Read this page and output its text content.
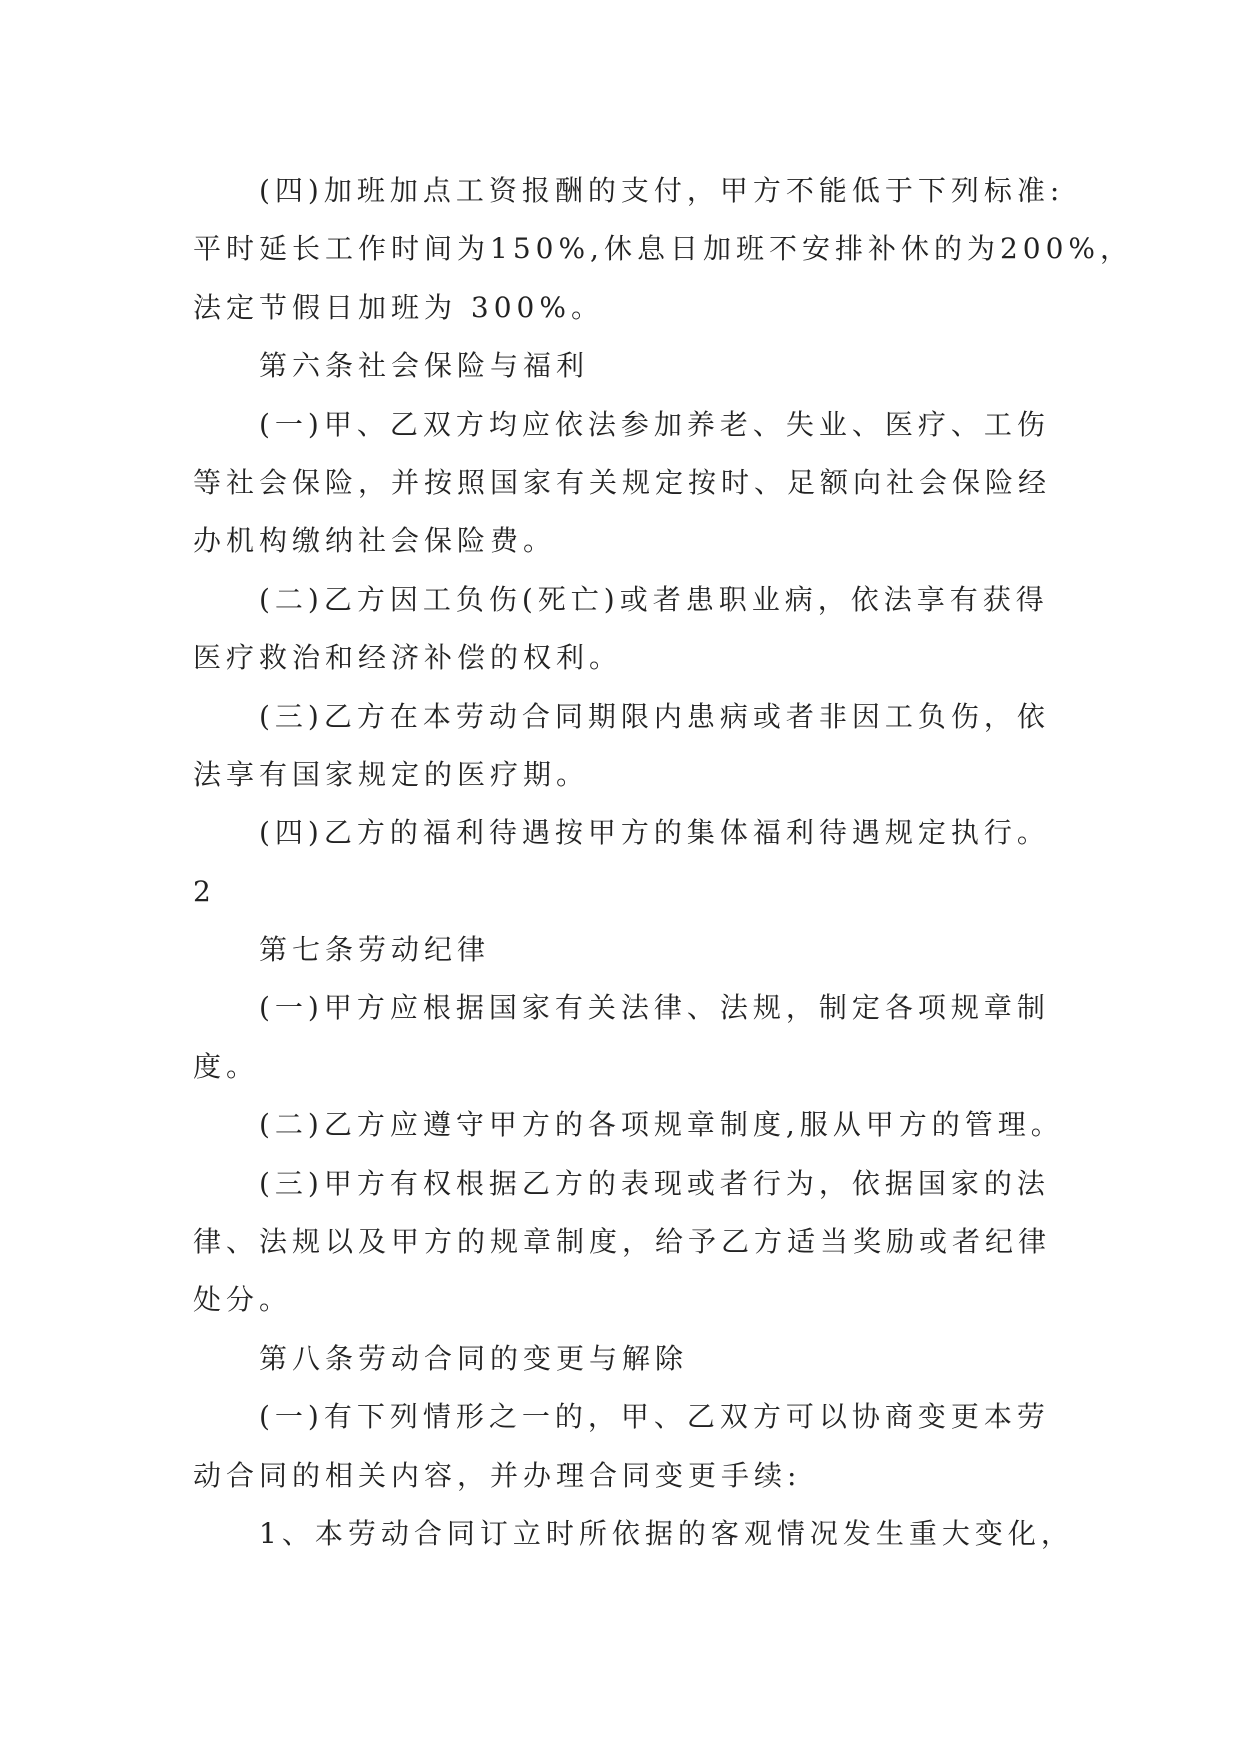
(四)加班加点工资报酬的支付，甲方不能低于下列标准:
平时延长工作时间为150%,休息日加班不安排补休的为200%，
法定节假日加班为 300%。
第六条社会保险与福利
(一)甲、乙双方均应依法参加养老、失业、医疗、工伤
等社会保险，并按照国家有关规定按时、足额向社会保险经
办机构缴纳社会保险费。
(二)乙方因工负伤(死亡)或者患职业病，依法享有获得
医疗救治和经济补偿的权利。
(三)乙方在本劳动合同期限内患病或者非因工负伤，依
法享有国家规定的医疗期。
(四)乙方的福利待遇按甲方的集体福利待遇规定执行。
2
第七条劳动纪律
(一)甲方应根据国家有关法律、法规，制定各项规章制
度。
(二)乙方应遵守甲方的各项规章制度,服从甲方的管理。
(三)甲方有权根据乙方的表现或者行为，依据国家的法
律、法规以及甲方的规章制度，给予乙方适当奖励或者纪律
处分。
第八条劳动合同的变更与解除
(一)有下列情形之一的，甲、乙双方可以协商变更本劳
动合同的相关内容，并办理合同变更手续:
1、本劳动合同订立时所依据的客观情况发生重大变化，
